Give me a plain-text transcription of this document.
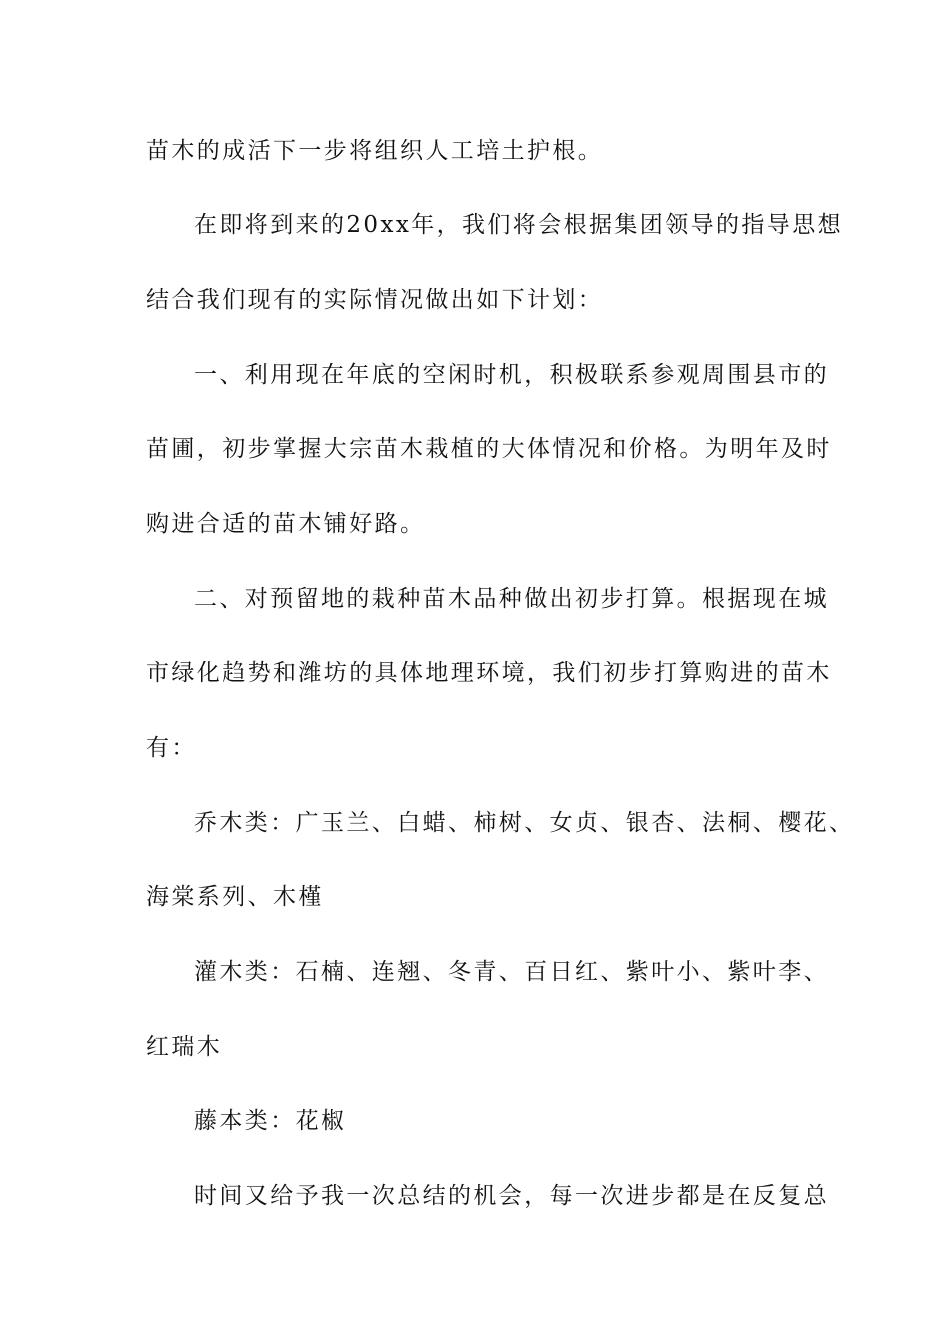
苗木的成活下一步将组织人工培土护根。
在即将到来的20xx年，我们将会根据集团领导的指导思想
结合我们现有的实际情况做出如下计划：
一、利用现在年底的空闲时机，积极联系参观周围县市的
苗圃，初步掌握大宗苗木栽植的大体情况和价格。为明年及时
购进合适的苗木铺好路。
二、对预留地的栽种苗木品种做出初步打算。根据现在城
市绿化趋势和潍坊的具体地理环境，我们初步打算购进的苗木
有：
乔木类：广玉兰、白蜡、柿树、女贞、银杏、法桐、樱花、
海棠系列、木槿
灌木类：石楠、连翘、冬青、百日红、紫叶小、紫叶李、
红瑞木
藤本类：花椒
时间又给予我一次总结的机会，每一次进步都是在反复总
